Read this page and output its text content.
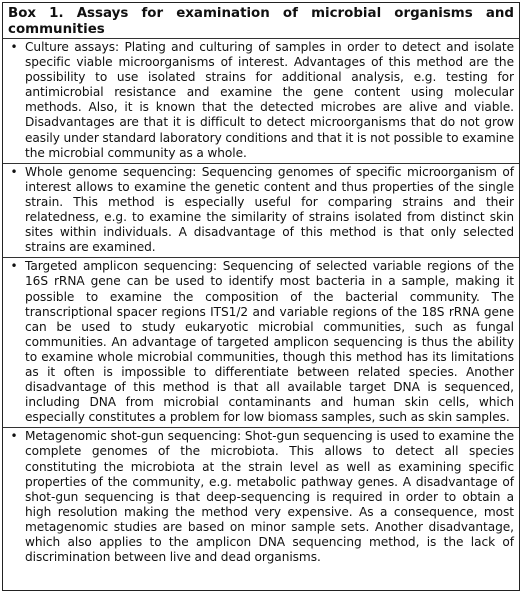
Box 1. Assays for examination of microbial organisms and communities
• Culture assays: Plating and culturing of samples in order to detect and isolate specific viable microorganisms of interest. Advantages of this method are the possibility to use isolated strains for additional analysis, e.g. testing for antimicrobial resistance and examine the gene content using molecular methods. Also, it is known that the detected microbes are alive and viable. Disadvantages are that it is difficult to detect microorganisms that do not grow easily under standard laboratory conditions and that it is not possible to examine the microbial community as a whole.
• Whole genome sequencing: Sequencing genomes of specific microorganism of interest allows to examine the genetic content and thus properties of the single strain. This method is especially useful for comparing strains and their relatedness, e.g. to examine the similarity of strains isolated from distinct skin sites within individuals. A disadvantage of this method is that only selected strains are examined.
• Targeted amplicon sequencing: Sequencing of selected variable regions of the 16S rRNA gene can be used to identify most bacteria in a sample, making it possible to examine the composition of the bacterial community. The transcriptional spacer regions ITS1/2 and variable regions of the 18S rRNA gene can be used to study eukaryotic microbial communities, such as fungal communities. An advantage of targeted amplicon sequencing is thus the ability to examine whole microbial communities, though this method has its limitations as it often is impossible to differentiate between related species. Another disadvantage of this method is that all available target DNA is sequenced, including DNA from microbial contaminants and human skin cells, which especially constitutes a problem for low biomass samples, such as skin samples.
• Metagenomic shot-gun sequencing: Shot-gun sequencing is used to examine the complete genomes of the microbiota. This allows to detect all species constituting the microbiota at the strain level as well as examining specific properties of the community, e.g. metabolic pathway genes. A disadvantage of shot-gun sequencing is that deep-sequencing is required in order to obtain a high resolution making the method very expensive. As a consequence, most metagenomic studies are based on minor sample sets. Another disadvantage, which also applies to the amplicon DNA sequencing method, is the lack of discrimination between live and dead organisms.
